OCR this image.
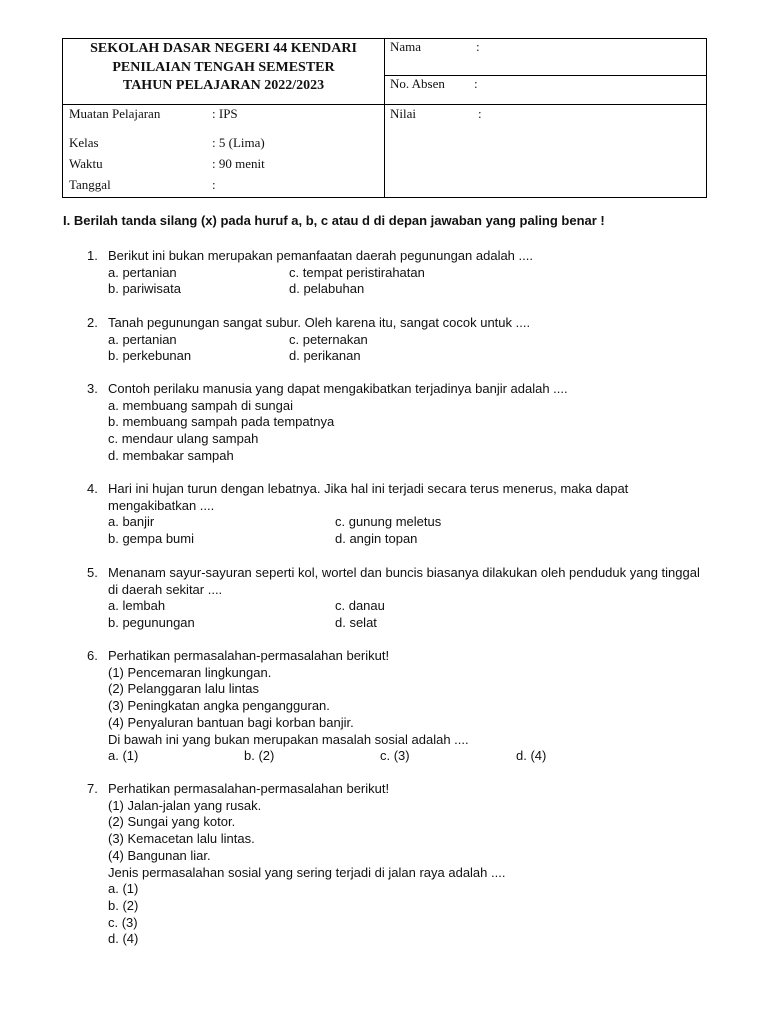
SEKOLAH DASAR NEGERI 44 KENDARI
PENILAIAN TENGAH SEMESTER
TAHUN PELAJARAN 2022/2023
Nama	:
No. Absen :
Nilai	:
Muatan Pelajaran	: IPS
Kelas	: 5 (Lima)
Waktu	: 90 menit
Tanggal	:
I. Berilah tanda silang (x) pada huruf a, b, c atau d di depan jawaban yang paling benar !
1. Berikut ini bukan merupakan pemanfaatan daerah pegunungan adalah ....
a. pertanian	c. tempat peristirahatan
b. pariwisata	d. pelabuhan
2. Tanah pegunungan sangat subur. Oleh karena itu, sangat cocok untuk ....
a. pertanian	c. peternakan
b. perkebunan	d. perikanan
3. Contoh perilaku manusia yang dapat mengakibatkan terjadinya banjir adalah ....
a. membuang sampah di sungai
b. membuang sampah pada tempatnya
c. mendaur ulang sampah
d. membakar sampah
4. Hari ini hujan turun dengan lebatnya. Jika hal ini terjadi secara terus menerus, maka dapat mengakibatkan ....
a. banjir	c. gunung meletus
b. gempa bumi	d. angin topan
5. Menanam sayur-sayuran seperti kol, wortel dan buncis biasanya dilakukan oleh penduduk yang tinggal di daerah sekitar ....
a. lembah	c. danau
b. pegunungan	d. selat
6. Perhatikan permasalahan-permasalahan berikut!
(1) Pencemaran lingkungan.
(2) Pelanggaran lalu lintas
(3) Peningkatan angka pengangguran.
(4) Penyaluran bantuan bagi korban banjir.
Di bawah ini yang bukan merupakan masalah sosial adalah ....
a. (1)	b. (2)	c. (3)	d. (4)
7. Perhatikan permasalahan-permasalahan berikut!
(1) Jalan-jalan yang rusak.
(2) Sungai yang kotor.
(3) Kemacetan lalu lintas.
(4) Bangunan liar.
Jenis permasalahan sosial yang sering terjadi di jalan raya adalah ....
a. (1)
b. (2)
c. (3)
d. (4)
